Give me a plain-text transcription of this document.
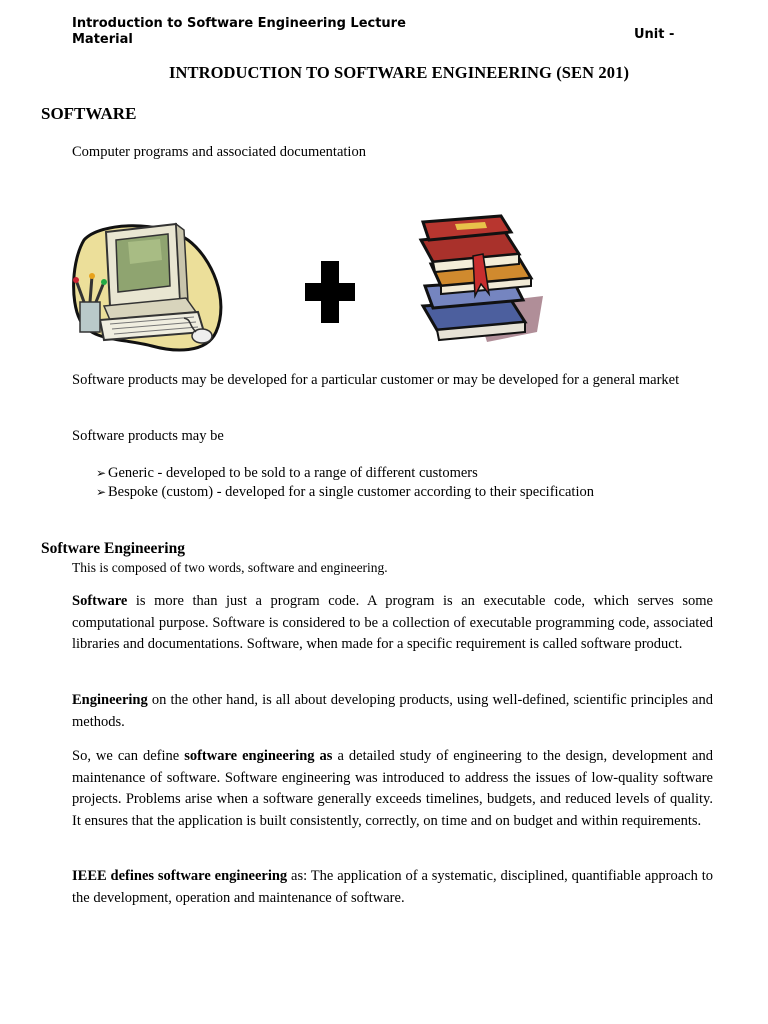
Introduction to Software Engineering Lecture
Material	Unit -
INTRODUCTION TO SOFTWARE ENGINEERING (SEN 201)
SOFTWARE
Computer programs and associated documentation
Software products may be developed for a particular customer or may be developed for a general market
Software products may be
➢ Generic - developed to be sold to a range of different customers
➢ Bespoke (custom) - developed for a single customer according to their specification
Software Engineering
This is composed of two words, software and engineering.
Software is more than just a program code. A program is an executable code, which serves some computational purpose. Software is considered to be a collection of executable programming code, associated libraries and documentations. Software, when made for a specific requirement is called software product.
Engineering on the other hand, is all about developing products, using well-defined, scientific principles and methods.
So, we can define software engineering as a detailed study of engineering to the design, development and maintenance of software. Software engineering was introduced to address the issues of low-quality software projects. Problems arise when a software generally exceeds timelines, budgets, and reduced levels of quality. It ensures that the application is built consistently, correctly, on time and on budget and within requirements.
IEEE defines software engineering as: The application of a systematic, disciplined, quantifiable approach to the development, operation and maintenance of software.
